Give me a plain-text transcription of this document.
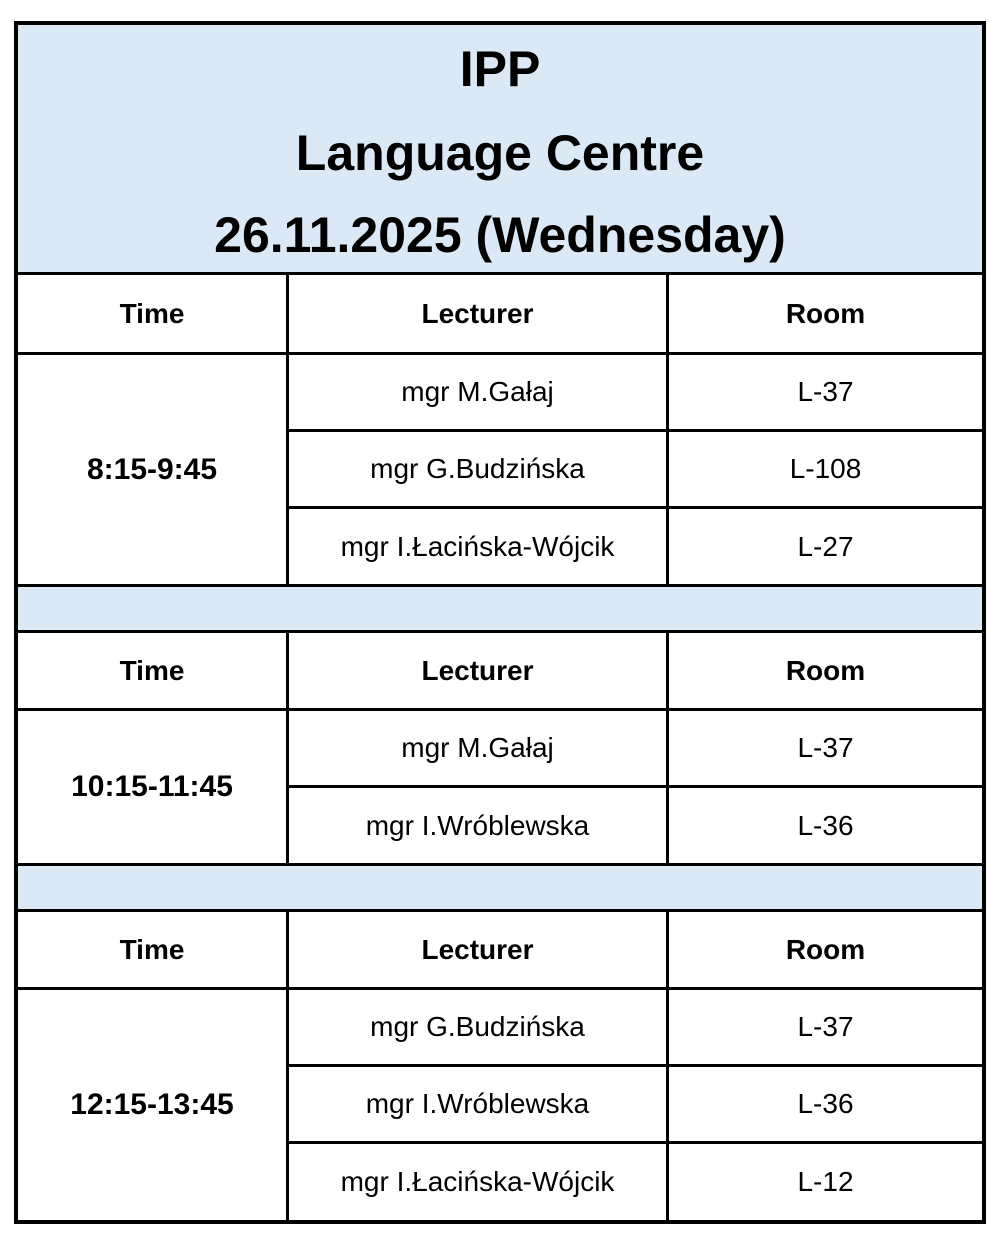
IPP
Language Centre
26.11.2025 (Wednesday)
Time	Lecturer	Room
8:15-9:45
mgr M.Gałaj	L-37
mgr G.Budzińska	L-108
mgr I.Łacińska-Wójcik	L-27
Time	Lecturer	Room
10:15-11:45
mgr M.Gałaj	L-37
mgr I.Wróblewska	L-36
Time	Lecturer	Room
12:15-13:45
mgr G.Budzińska	L-37
mgr I.Wróblewska	L-36
mgr I.Łacińska-Wójcik	L-12
